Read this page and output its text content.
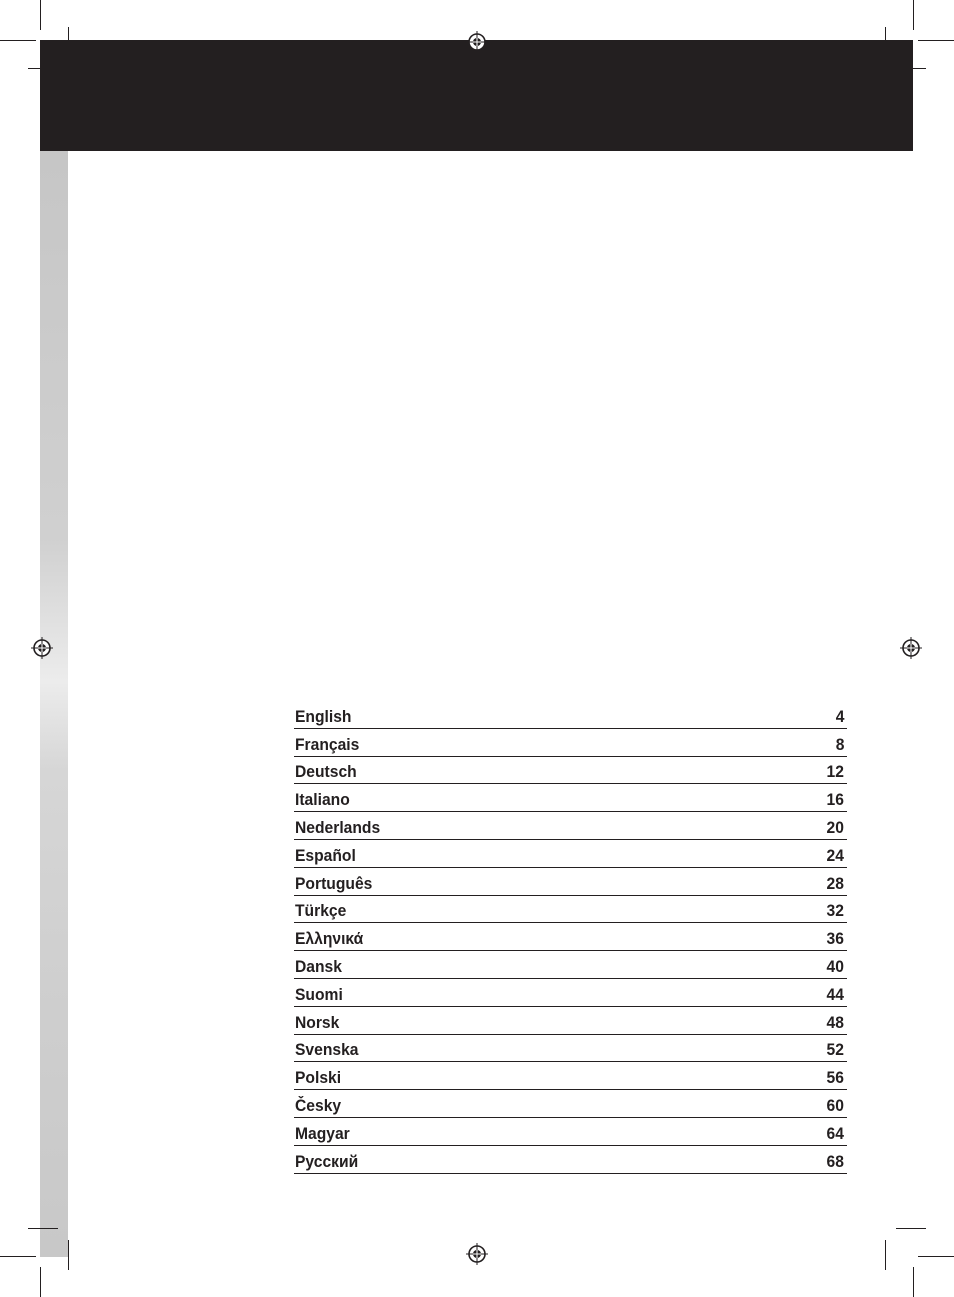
English	4
Français	8
Deutsch	12
Italiano	16
Nederlands	20
Español	24
Português	28
Türkçe	32
Ελληνικά	36
Dansk	40
Suomi	44
Norsk	48
Svenska	52
Polski	56
Česky	60
Magyar	64
Русский	68
